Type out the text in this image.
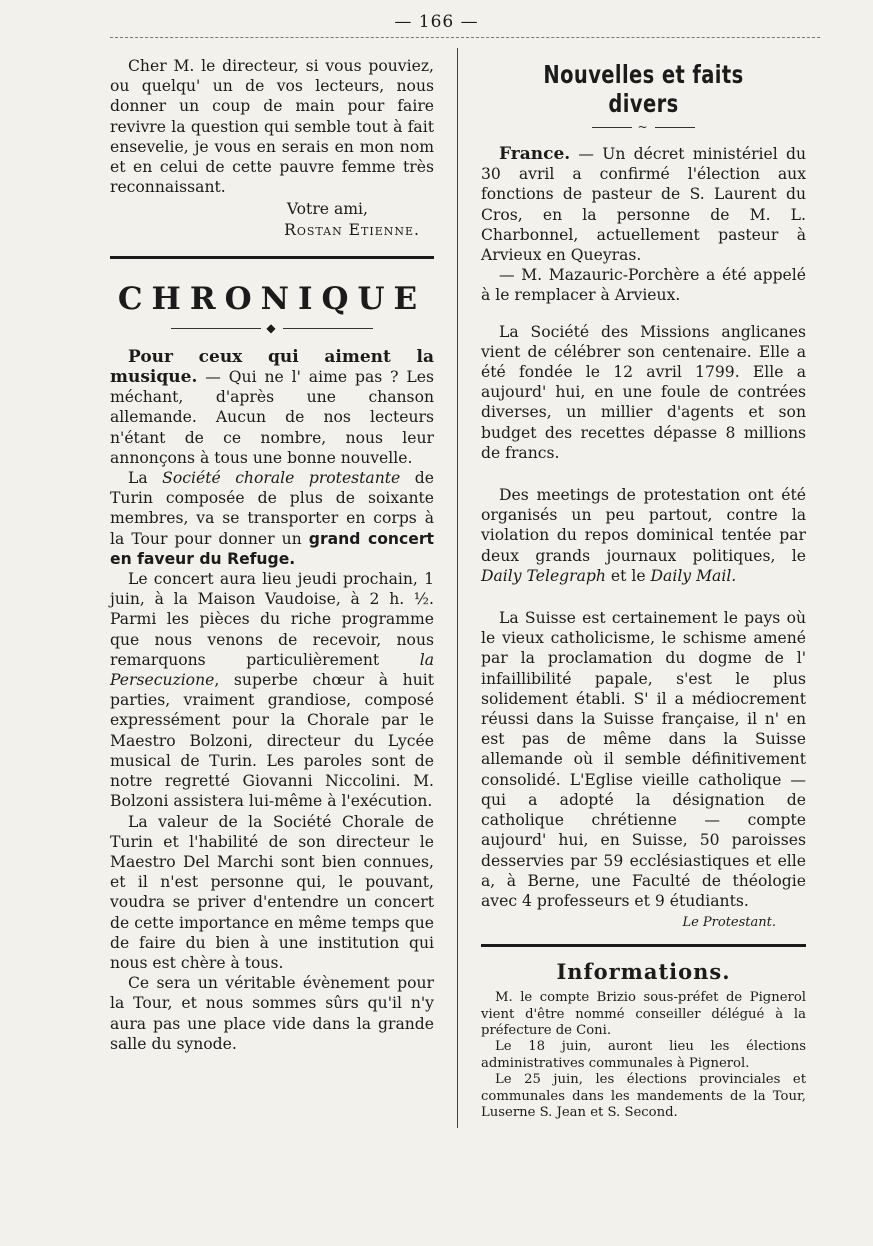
— 166 —

Cher M. le directeur, si vous pouviez, ou quelqu' un de vos lecteurs, nous donner un coup de main pour faire revivre la question qui semble tout à fait ensevelie, je vous en serais en mon nom et en celui de cette pauvre femme très reconnaissant.

Votre ami,

Rostan Etienne.

CHRONIQUE
◆

Pour ceux qui aiment la musique. — Qui ne l' aime pas ? Les méchant, d'après une chanson allemande. Aucun de nos lecteurs n'étant de ce nombre, nous leur annonçons à tous une bonne nouvelle.

La Société chorale protestante de Turin composée de plus de soixante membres, va se transporter en corps à la Tour pour donner un grand concert en faveur du Refuge.

Le concert aura lieu jeudi prochain, 1 juin, à la Maison Vaudoise, à 2 h. ½. Parmi les pièces du riche programme que nous venons de recevoir, nous remarquons particulièrement la Persecuzione, superbe chœur à huit parties, vraiment grandiose, composé expressément pour la Chorale par le Maestro Bolzoni, directeur du Lycée musical de Turin. Les paroles sont de notre regretté Giovanni Niccolini. M. Bolzoni assistera lui-même à l'exécution.

La valeur de la Société Chorale de Turin et l'habilité de son directeur le Maestro Del Marchi sont bien connues, et il n'est personne qui, le pouvant, voudra se priver d'entendre un concert de cette importance en même temps que de faire du bien à une institution qui nous est chère à tous.

Ce sera un véritable évènement pour la Tour, et nous sommes sûrs qu'il n'y aura pas une place vide dans la grande salle du synode.

Nouvelles et faits divers
~

France. — Un décret ministériel du 30 avril a confirmé l'élection aux fonctions de pasteur de S. Laurent du Cros, en la personne de M. L. Charbonnel, actuellement pasteur à Arvieux en Queyras.

— M. Mazauric-Porchère a été appelé à le remplacer à Arvieux.

La Société des Missions anglicanes vient de célébrer son centenaire. Elle a été fondée le 12 avril 1799. Elle a aujourd' hui, en une foule de contrées diverses, un millier d'agents et son budget des recettes dépasse 8 millions de francs.

Des meetings de protestation ont été organisés un peu partout, contre la violation du repos dominical tentée par deux grands journaux politiques, le Daily Telegraph et le Daily Mail.

La Suisse est certainement le pays où le vieux catholicisme, le schisme amené par la proclamation du dogme de l' infaillibilité papale, s'est le plus solidement établi. S' il a médiocrement réussi dans la Suisse française, il n' en est pas de même dans la Suisse allemande où il semble définitivement consolidé. L'Eglise vieille catholique — qui a adopté la désignation de catholique chrétienne — compte aujourd' hui, en Suisse, 50 paroisses desservies par 59 ecclésiastiques et elle a, à Berne, une Faculté de théologie avec 4 professeurs et 9 étudiants.

Le Protestant.
Informations.

M. le compte Brizio sous-préfet de Pignerol vient d'être nommé conseiller délégué à la préfecture de Coni.

Le 18 juin, auront lieu les élections administratives communales à Pignerol.

Le 25 juin, les élections provinciales et communales dans les mandements de la Tour, Luserne S. Jean et S. Second.
